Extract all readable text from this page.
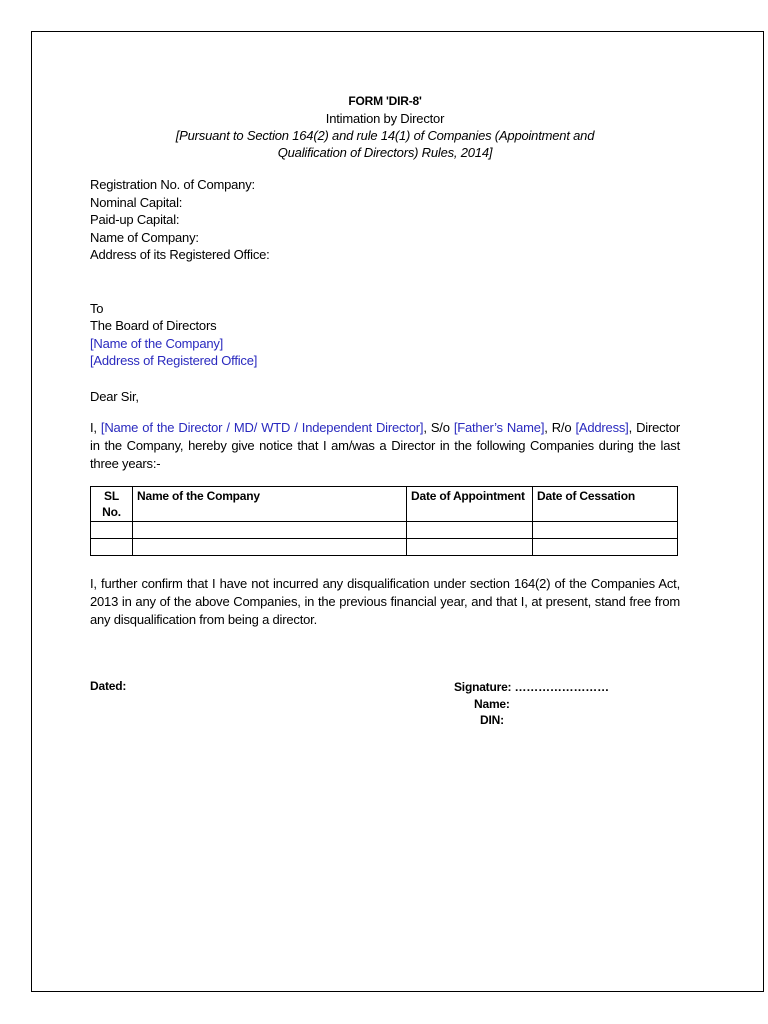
FORM 'DIR-8'
Intimation by Director
[Pursuant to Section 164(2) and rule 14(1) of Companies (Appointment and
Qualification of Directors) Rules, 2014]
Registration No. of Company:
Nominal Capital:
Paid-up Capital:
Name of Company:
Address of its Registered Office:
To
The Board of Directors
[Name of the Company]
[Address of Registered Office]
Dear Sir,
I, [Name of the Director / MD/ WTD / Independent Director], S/o [Father’s Name], R/o [Address], Director in the Company, hereby give notice that I am/was a Director in the following Companies during the last three years:-
SL No.	Name of the Company	Date of Appointment	Date of Cessation

I, further confirm that I have not incurred any disqualification under section 164(2) of the Companies Act, 2013 in any of the above Companies, in the previous financial year, and that I, at present, stand free from any disqualification from being a director.
Dated:	Signature: ……………………
Name:
DIN:
